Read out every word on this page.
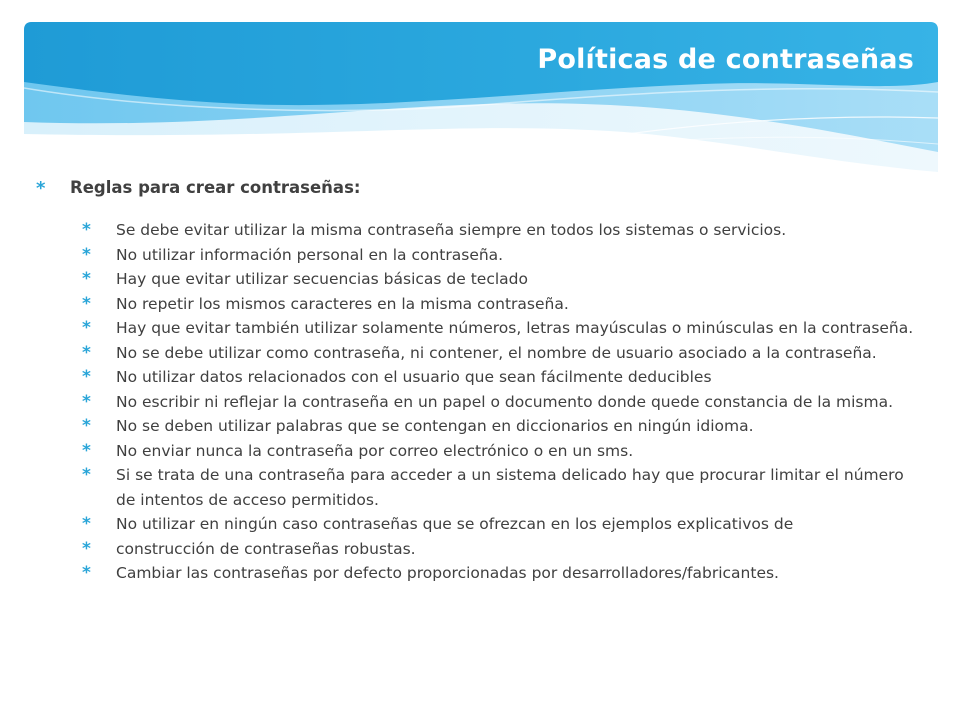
Políticas de contraseñas
* Reglas para crear contraseñas:
* Se debe evitar utilizar la misma contraseña siempre en todos los sistemas o servicios.
* No utilizar información personal en la contraseña.
* Hay que evitar utilizar secuencias básicas de teclado
* No repetir los mismos caracteres en la misma contraseña.
* Hay que evitar también utilizar solamente números, letras mayúsculas o minúsculas en la contraseña.
* No se debe utilizar como contraseña, ni contener, el nombre de usuario asociado a la contraseña.
* No utilizar datos relacionados con el usuario que sean fácilmente deducibles
* No escribir ni reflejar la contraseña en un papel o documento donde quede constancia de la misma.
* No se deben utilizar palabras que se contengan en diccionarios en ningún idioma.
* No enviar nunca la contraseña por correo electrónico o en un sms.
* Si se trata de una contraseña para acceder a un sistema delicado hay que procurar limitar el número de intentos de acceso permitidos.
* No utilizar en ningún caso contraseñas que se ofrezcan en los ejemplos explicativos de
* construcción de contraseñas robustas.
* Cambiar las contraseñas por defecto proporcionadas por desarrolladores/fabricantes.
